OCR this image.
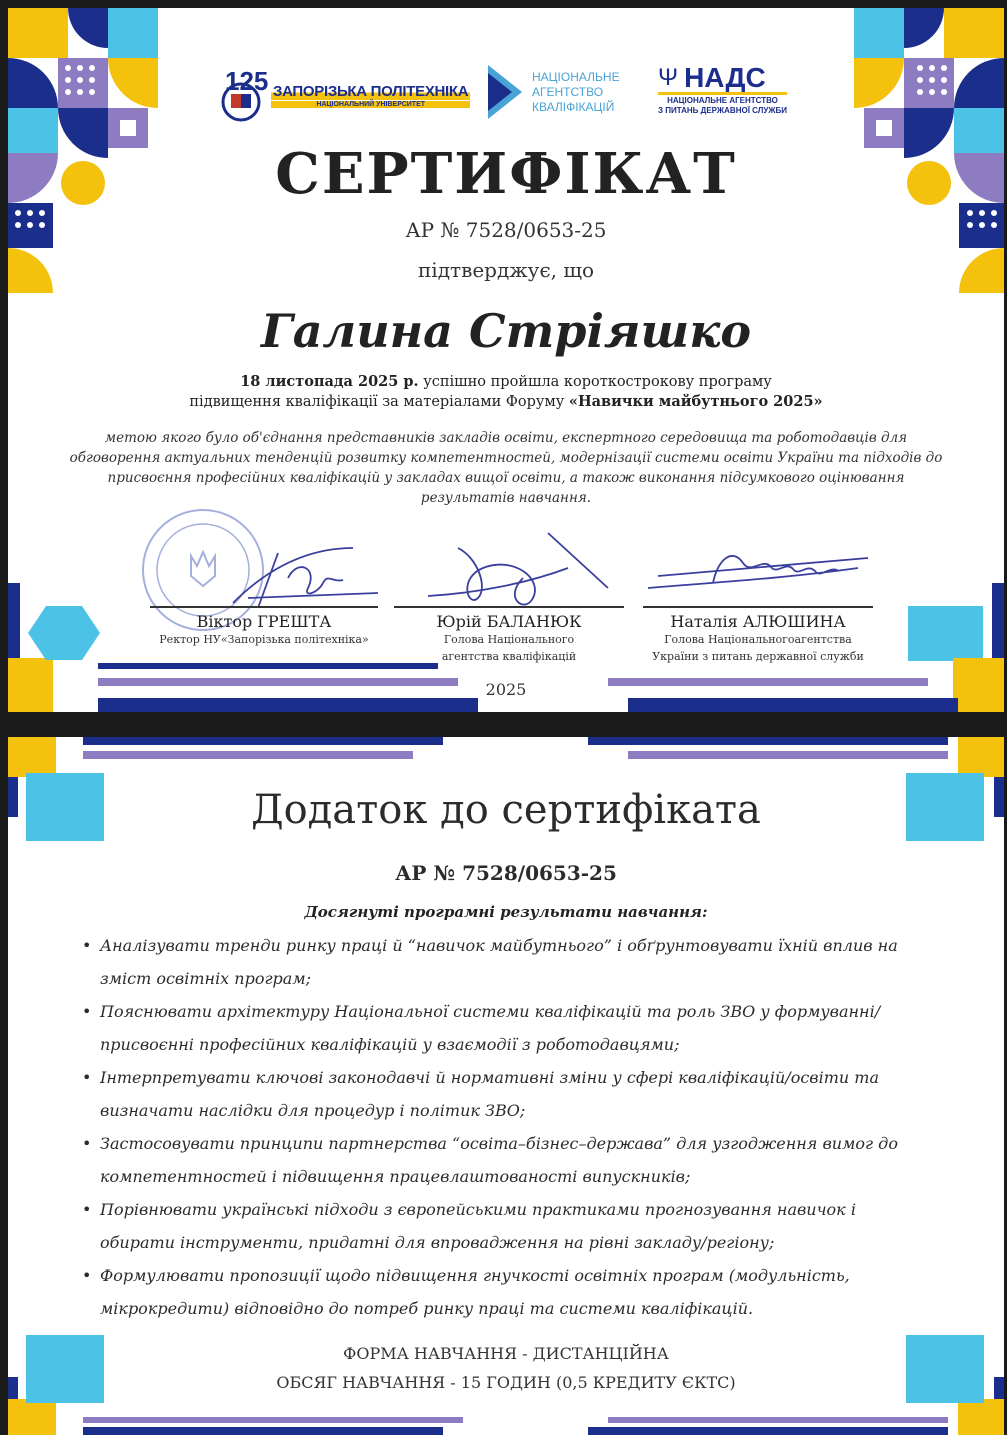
125 ЗАПОРІЗЬКА ПОЛІТЕХНІКА
НАЦІОНАЛЬНИЙ УНІВЕРСИТЕТ
НАЦІОНАЛЬНЕ
АГЕНТСТВО
КВАЛІФІКАЦІЙ
Ψ НАДС
НАЦІОНАЛЬНЕ АГЕНТСТВО
З ПИТАНЬ ДЕРЖАВНОЇ СЛУЖБИ
СЕРТИФІКАТ
АР № 7528/0653-25
підтверджує, що
Галина Стріяшко
18 листопада 2025 р. успішно пройшла короткострокову програму
підвищення кваліфікації за матеріалами Форуму «Навички майбутнього 2025»
метою якого було об'єднання представників закладів освіти, експертного середовища та роботодавців для обговорення актуальних тенденцій розвитку компетентностей, модернізації системи освіти України та підходів до присвоєння професійних кваліфікацій у закладах вищої освіти, а також виконання підсумкового оцінювання результатів навчання.
Віктор ГРЕШТА
Ректор НУ«Запорізька політехніка»
Юрій БАЛАНЮК
Голова Національного
агентства кваліфікацій
Наталія АЛЮШИНА
Голова Національногоагентства
України з питань державної служби
2025
Додаток до сертифіката
АР № 7528/0653-25
Досягнуті програмні результати навчання:
• Аналізувати тренди ринку праці й “навичок майбутнього” і обґрунтовувати їхній вплив на зміст освітніх програм;
• Пояснювати архітектуру Національної системи кваліфікацій та роль ЗВО у формуванні/ присвоєнні професійних кваліфікацій у взаємодії з роботодавцями;
• Інтерпретувати ключові законодавчі й нормативні зміни у сфері кваліфікацій/освіти та визначати наслідки для процедур і політик ЗВО;
• Застосовувати принципи партнерства “освіта–бізнес–держава” для узгодження вимог до компетентностей і підвищення працевлаштованості випускників;
• Порівнювати українські підходи з європейськими практиками прогнозування навичок і обирати інструменти, придатні для впровадження на рівні закладу/регіону;
• Формулювати пропозиції щодо підвищення гнучкості освітніх програм (модульність, мікрокредити) відповідно до потреб ринку праці та системи кваліфікацій.
ФОРМА НАВЧАННЯ - ДИСТАНЦІЙНА
ОБСЯГ НАВЧАННЯ - 15 ГОДИН (0,5 КРЕДИТУ ЄКТС)
